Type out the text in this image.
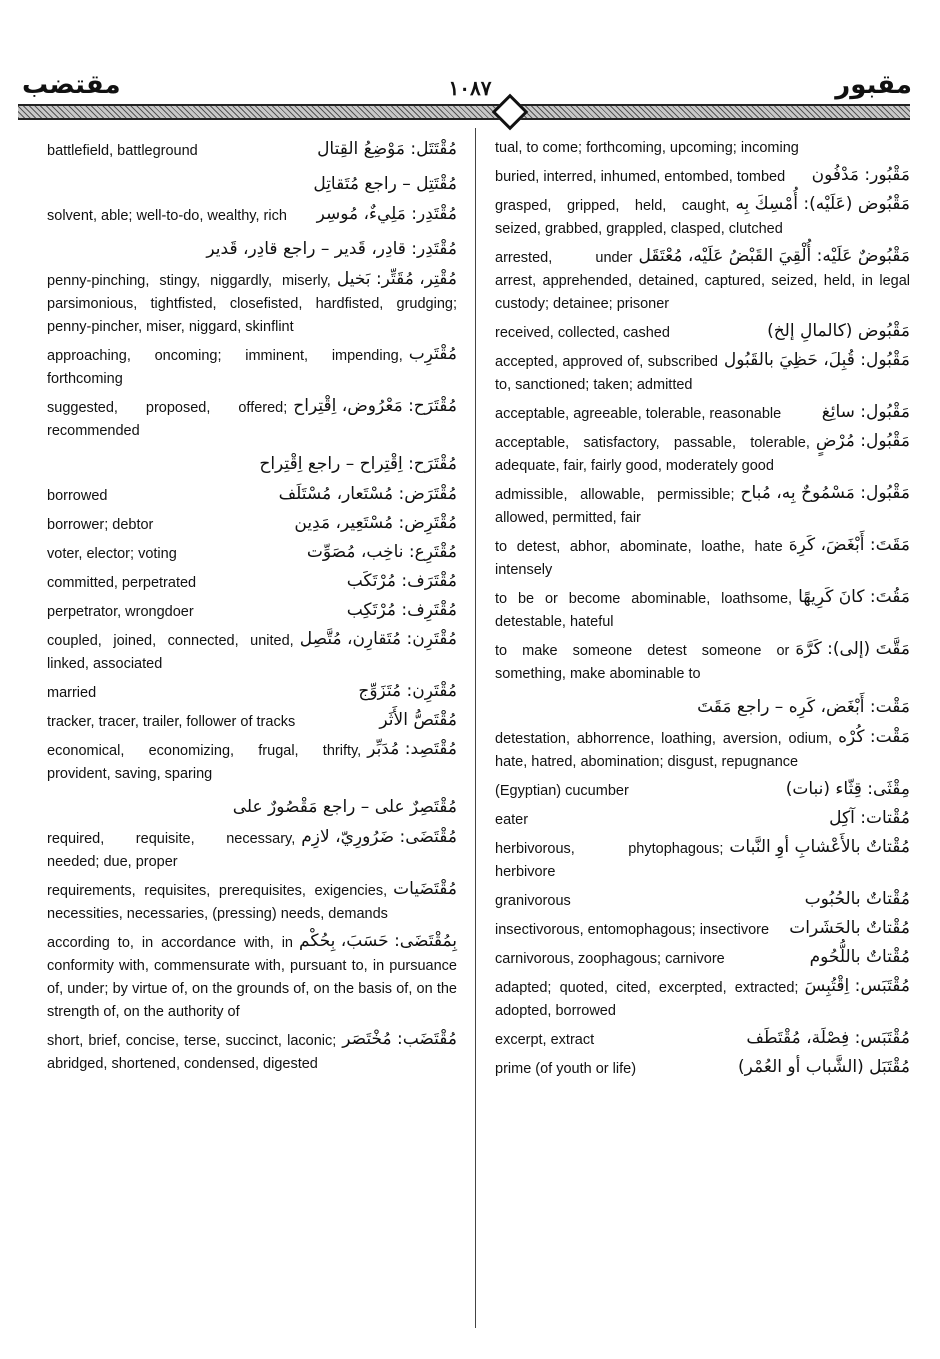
مقتضب	١٠٨٧	مقبور
مُقْتَتَل: مَوْضِعُ القِتال
battlefield, battleground
مُقْتَتِل – راجع مُتَقاتِل
مُقْتَدِر: مَلِيءٌ، مُوسِر
solvent, able; well-to-do, wealthy, rich
مُقْتَدِر: قادِر، قَدير – راجع قادِر، قَدير
مُقْتِر، مُقَتِّر: بَخيل
penny-pinching, stingy, niggardly, miserly, parsimonious, tightfisted, closefisted, hardfisted, grudging; penny-pincher, miser, niggard, skinflint
مُقْتَرِب
approaching, oncoming; imminent, impending, forthcoming
مُقْتَرَح: مَعْرُوض، اِقْتِراح
suggested, proposed, offered; recommended
مُقْتَرَح: اِقْتِراح – راجع اِقْتِراح
مُقْتَرَض: مُسْتَعار، مُسْتَلَف
borrowed
مُقْتَرِض: مُسْتَعِير، مَدِين
borrower; debtor
مُقْتَرِع: ناخِب، مُصَوِّت
voter, elector; voting
مُقْتَرَف: مُرْتَكَب
committed, perpetrated
مُقْتَرِف: مُرْتَكِب
perpetrator, wrongdoer
مُقْتَرِن: مُتَقارِن، مُتَّصِل
coupled, joined, connected, united, linked, associated
مُقْتَرِن: مُتَزَوِّج
married
مُقْتَصُّ الأَثَر
tracker, tracer, trailer, follower of tracks
مُقْتَصِد: مُدَبِّر
economical, economizing, frugal, thrifty, provident, saving, sparing
مُقْتَصِرٌ على – راجع مَقْصُورٌ على
مُقْتَضَى: ضَرُورِيّ، لازِم
required, requisite, necessary, needed; due, proper
مُقْتَضَيات
requirements, requisites, prerequisites, exigencies, necessities, necessaries, (pressing) needs, demands
بِمُقْتَضَى: حَسَبَ، بِحُكْم
according to, in accordance with, in conformity with, commensurate with, pursuant to, in pursuance of, under; by virtue of, on the grounds of, on the basis of, on the strength of, on the authority of
مُقْتَضَب: مُخْتَصَر
short, brief, concise, terse, succinct, laconic; abridged, shortened, condensed, digested
tual, to come; forthcoming, upcoming; incoming
مَقْبُور: مَدْفُون
buried, interred, inhumed, entombed, tombed
مَقْبُوض (عَلَيْه): أُمْسِكَ بِه
grasped, gripped, held, caught, seized, grabbed, grappled, clasped, clutched
مَقْبُوضٌ عَلَيْه: أُلْقِيَ القَبْضُ عَلَيْه، مُعْتَقَل
arrested, under arrest, apprehended, detained, captured, seized, held, in legal custody; detainee; prisoner
مَقْبُوض (كالمالِ إلخ)
received, collected, cashed
مَقْبُول: قُبِلَ، حَظِيَ بالقَبُول
accepted, approved of, subscribed to, sanctioned; taken; admitted
مَقْبُول: سائِغ
acceptable, agreeable, tolerable, reasonable
مَقْبُول: مُرْضٍ
acceptable, satisfactory, passable, tolerable, adequate, fair, fairly good, moderately good
مَقْبُول: مَسْمُوحٌ بِه، مُباح
admissible, allowable, permissible; allowed, permitted, fair
مَقَتَ: أَبْغَضَ، كَرِهَ
to detest, abhor, abominate, loathe, hate intensely
مَقُتَ: كانَ كَرِيهًا
to be or become abominable, loathsome, detestable, hateful
مَقَّتَ (إلى): كَرَّهَ
to make someone detest someone or something, make abominable to
مَقْت: أَبْغَض، كَرِه – راجع مَقَتَ
مَقْت: كُرْه
detestation, abhorrence, loathing, aversion, odium, hate, hatred, abomination; disgust, repugnance
مِقْثَى: قِثّاء (نبات)
(Egyptian) cucumber
مُقْتات: آكِل
eater
مُقْتاتٌ بالأَعْشابِ أوِ النَّبات
herbivorous, phytophagous; herbivore
مُقْتاتٌ بالحُبُوب
granivorous
مُقْتاتٌ بالحَشَرات
insectivorous, entomophagous; insectivore
مُقْتاتٌ باللُّحُوم
carnivorous, zoophagous; carnivore
مُقْتَبَس: اِقْتُبِسَ
adapted; quoted, cited, excerpted, extracted; adopted, borrowed
مُقْتَبَس: فِصْلَة، مُقْتَطَف
excerpt, extract
مُقْتَبَل (الشَّباب أو العُمْر)
prime (of youth or life)
